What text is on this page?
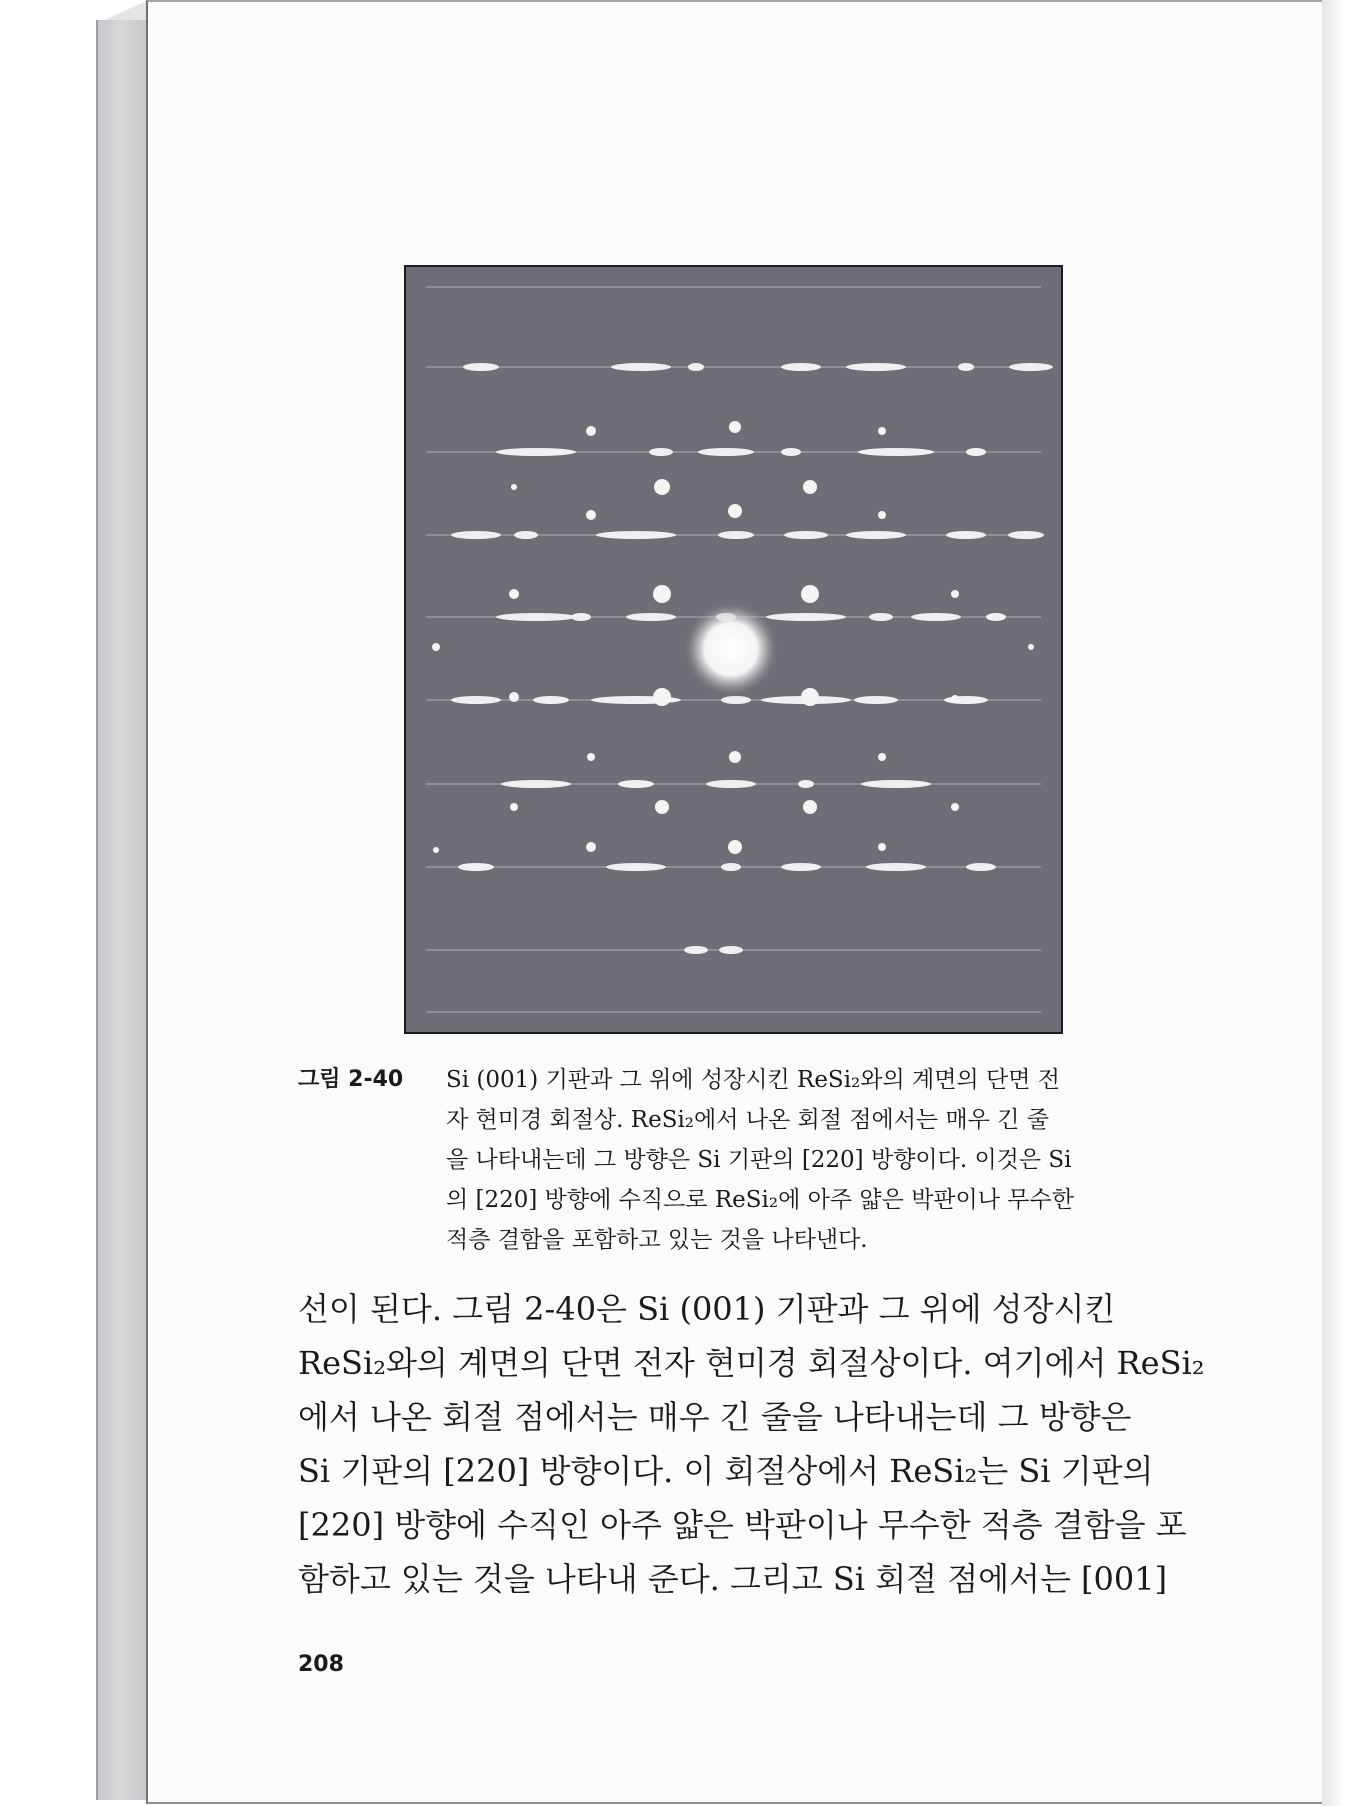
그림 2-40 Si (001) 기판과 그 위에 성장시킨 ReSi₂와의 계면의 단면 전
자 현미경 회절상. ReSi₂에서 나온 회절 점에서는 매우 긴 줄
을 나타내는데 그 방향은 Si 기판의 [220] 방향이다. 이것은 Si
의 [220] 방향에 수직으로 ReSi₂에 아주 얇은 박판이나 무수한
적층 결함을 포함하고 있는 것을 나타낸다.
선이 된다. 그림 2-40은 Si (001) 기판과 그 위에 성장시킨
ReSi₂와의 계면의 단면 전자 현미경 회절상이다. 여기에서 ReSi₂
에서 나온 회절 점에서는 매우 긴 줄을 나타내는데 그 방향은
Si 기판의 [220] 방향이다. 이 회절상에서 ReSi₂는 Si 기판의
[220] 방향에 수직인 아주 얇은 박판이나 무수한 적층 결함을 포
함하고 있는 것을 나타내 준다. 그리고 Si 회절 점에서는 [001]
208
